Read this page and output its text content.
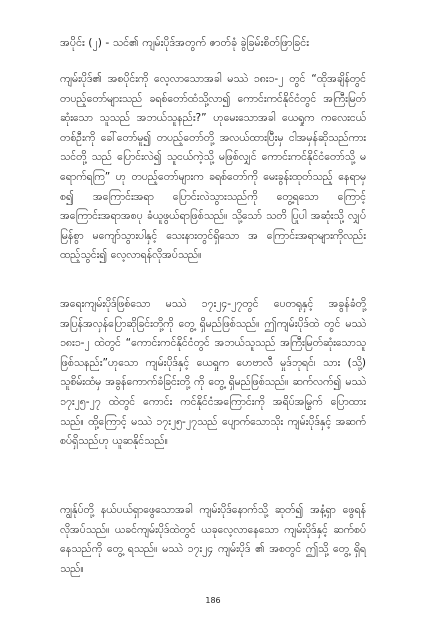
အပိုင်း (၂) - သင်၏ ကျမ်းပိုဒ်အတွက် ဇာတ်ခုံ ခွဲခြမ်းစိတ်ဖြာခြင်း
ကျမ်းပိုဒ်၏ အစပိုင်းကို လေ့လာသောအခါ မဿဲ ၁၈း၁-၂ တွင် “ထိုအချိန်တွင် တပည့်တော်များသည် ခရစ်တော်ထံသို့လာ၍ ကောင်းကင်နိုင်ငံတွင် အကြီးမြတ်ဆုံးသော သူသည် အဘယ်သူနည်း?” ဟုမေးသောအခါ ယေရှုက ကလေးငယ်တစ်ဦးကို ခေါ်တော်မူ၍ တပည့်တော်တို့ အလယ်ထားပြီးမှ ငါအမှန်ဆိုသည်ကား သင်တို့ သည် ပြောင်းလဲ၍ သူငယ်ကဲ့သို့ မဖြစ်လျှင် ကောင်းကင်နိုင်ငံတော်သို့ မရောက်ရကြ” ဟု တပည့်တော်များက ခရစ်တော်ကို မေးခွန်းထုတ်သည့် နေရာမှစ၍ အကြောင်းအရာ ပြောင်းလဲသွားသည်ကို တွေ့ရသော ကြောင့် အကြောင်းအရာအစပု ခံယူဖွယ်ရာဖြစ်သည်။ သို့သော် သတိ ပြုပါ အဆုံးသို့ လျှပ်မြန်စွာ မကျော်သွားပါနှင့် သေးနားတွင်ရှိသော အ ကြောင်းအရာများကိုလည်း ထည့်သွင်း၍ လေ့လာရန်လိုအပ်သည်။
အရေးကျမ်းပိုဒ်ဖြစ်သော မဿဲ ၁၇း၂၄-၂၇တွင် ပေတရုနှင့် အခွန်ခံတို့ အပြန်အလှန်ပြောဆိုခြင်းတို့ကို တွေ့ ရှိမည်ဖြစ်သည်။ ဤကျမ်းပိုဒ်ထဲ တွင် မဿဲ ၁၈း၁-၂ ထဲတွင် “ကောင်းကင်နိုင်ငံတွင် အဘယ်သူသည် အကြီးမြတ်ဆုံးသောသူဖြစ်သနည်း”ဟုသော ကျမ်းပိုဒ်နှင့် ယေရှုက ဟေဗာလီ မှုဒ်ဘုရင်၊ သား (သို့) သူစိမ်းထံမှ အခွန်ကောက်ခံခြင်းတို့ ကို တွေ့ ရှိမည်ဖြစ်သည်။ ဆက်လက်၍ မဿဲ ၁၇း၂၅-၂၇ ထဲတွင် ကောင်း ကင်နိုင်ငံအကြောင်းကို အရိပ်အမြွက် ပြောထားသည်။ ထို့ကြောင့် မဿဲ ၁၇း၂၅-၂၇သည် ပျောက်သောသိုး ကျမ်းပိုဒ်နှင့် အဆက်စပ်ရှိသည်ဟု ယူဆနိုင်သည်။
ကျွန်ုပ်တို့ နယ်ပယ်ရှာဖွေသောအခါ ကျမ်းပိုဒ်နောက်သို့ ဆုတ်၍ အနံ့ရှာ ဖွေရန် လိုအပ်သည်။ ယခင်ကျမ်းပိုဒ်ထဲတွင် ယခုလေ့လာနေသော ကျမ်းပိုဒ်နှင့် ဆက်စပ်နေသည်ကို တွေ့ ရသည်။ မဿဲ ၁၇း၂၄ ကျမ်းပိုဒ် ၏ အစတွင် ဤသို့ တွေ့ ရှိရသည်။
186
